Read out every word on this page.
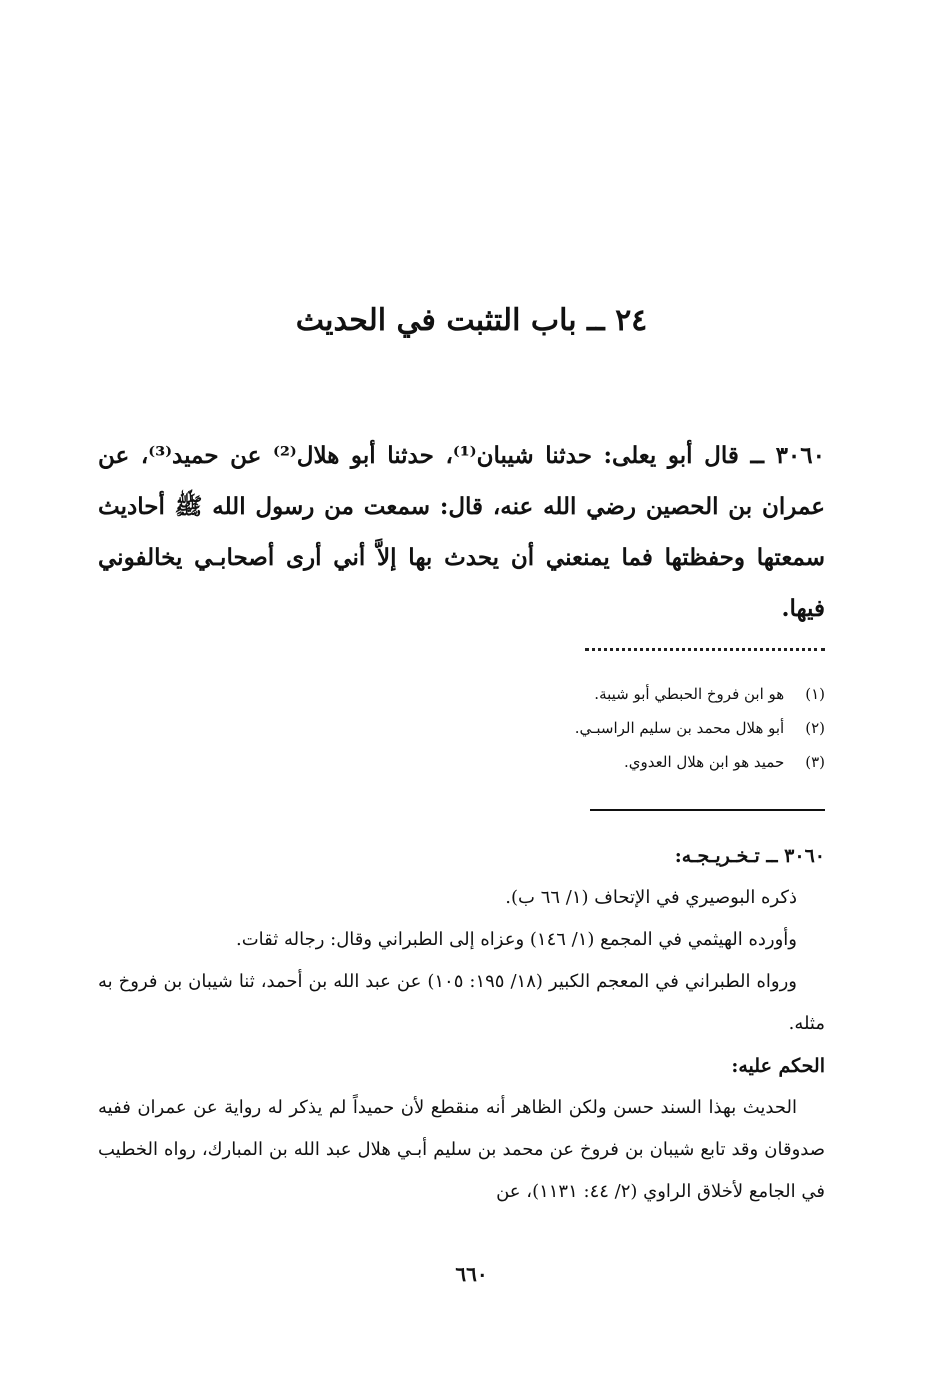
٢٤ ــ باب التثبت في الحديث

٣٠٦٠ ــ قال أبو يعلى: حدثنا شيبان⁽¹⁾، حدثنا أبو هلال⁽²⁾ عن حميد⁽³⁾، عن عمران بن الحصين رضي الله عنه، قال: سمعت من رسول الله ﷺ أحاديث سمعتها وحفظتها فما يمنعني أن يحدث بها إلاَّ أني أرى أصحابـي يخالفوني فيها.

(١) هو ابن فروخ الحبطي أبو شيبة.
(٢) أبو هلال محمد بن سليم الراسبـي.
(٣) حميد هو ابن هلال العدوي.

٣٠٦٠ ــ تـخـريـجـه:

ذكره البوصيري في الإتحاف (١/ ٦٦ ب).

وأورده الهيثمي في المجمع (١/ ١٤٦) وعزاه إلى الطبراني وقال: رجاله ثقات.

ورواه الطبراني في المعجم الكبير (١٨/ ١٩٥: ١٠٥) عن عبد الله بن أحمد، ثنا شيبان بن فروخ به مثله.

الحكم عليه:

الحديث بهذا السند حسن ولكن الظاهر أنه منقطع لأن حميداً لم يذكر له رواية عن عمران ففيه صدوقان وقد تابع شيبان بن فروخ عن محمد بن سليم أبـي هلال عبد الله بن المبارك، رواه الخطيب في الجامع لأخلاق الراوي (٢/ ٤٤: ١١٣١)، عن

٦٦٠
